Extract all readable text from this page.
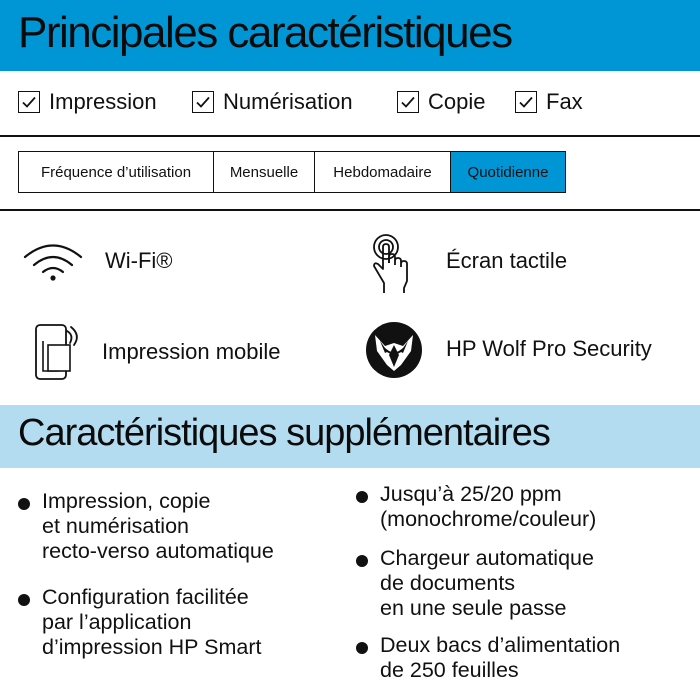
Principales caractéristiques
Impression	Numérisation	Copie	Fax
Fréquence d’utilisation	Mensuelle	Hebdomadaire	Quotidienne
Wi-Fi®	Écran tactile
Impression mobile	HP Wolf Pro Security
Caractéristiques supplémentaires
Impression, copie
et numérisation
recto-verso automatique
Configuration facilitée
par l’application
d’impression HP Smart
Jusqu’à 25/20 ppm
(monochrome/couleur)
Chargeur automatique
de documents
en une seule passe
Deux bacs d’alimentation
de 250 feuilles
